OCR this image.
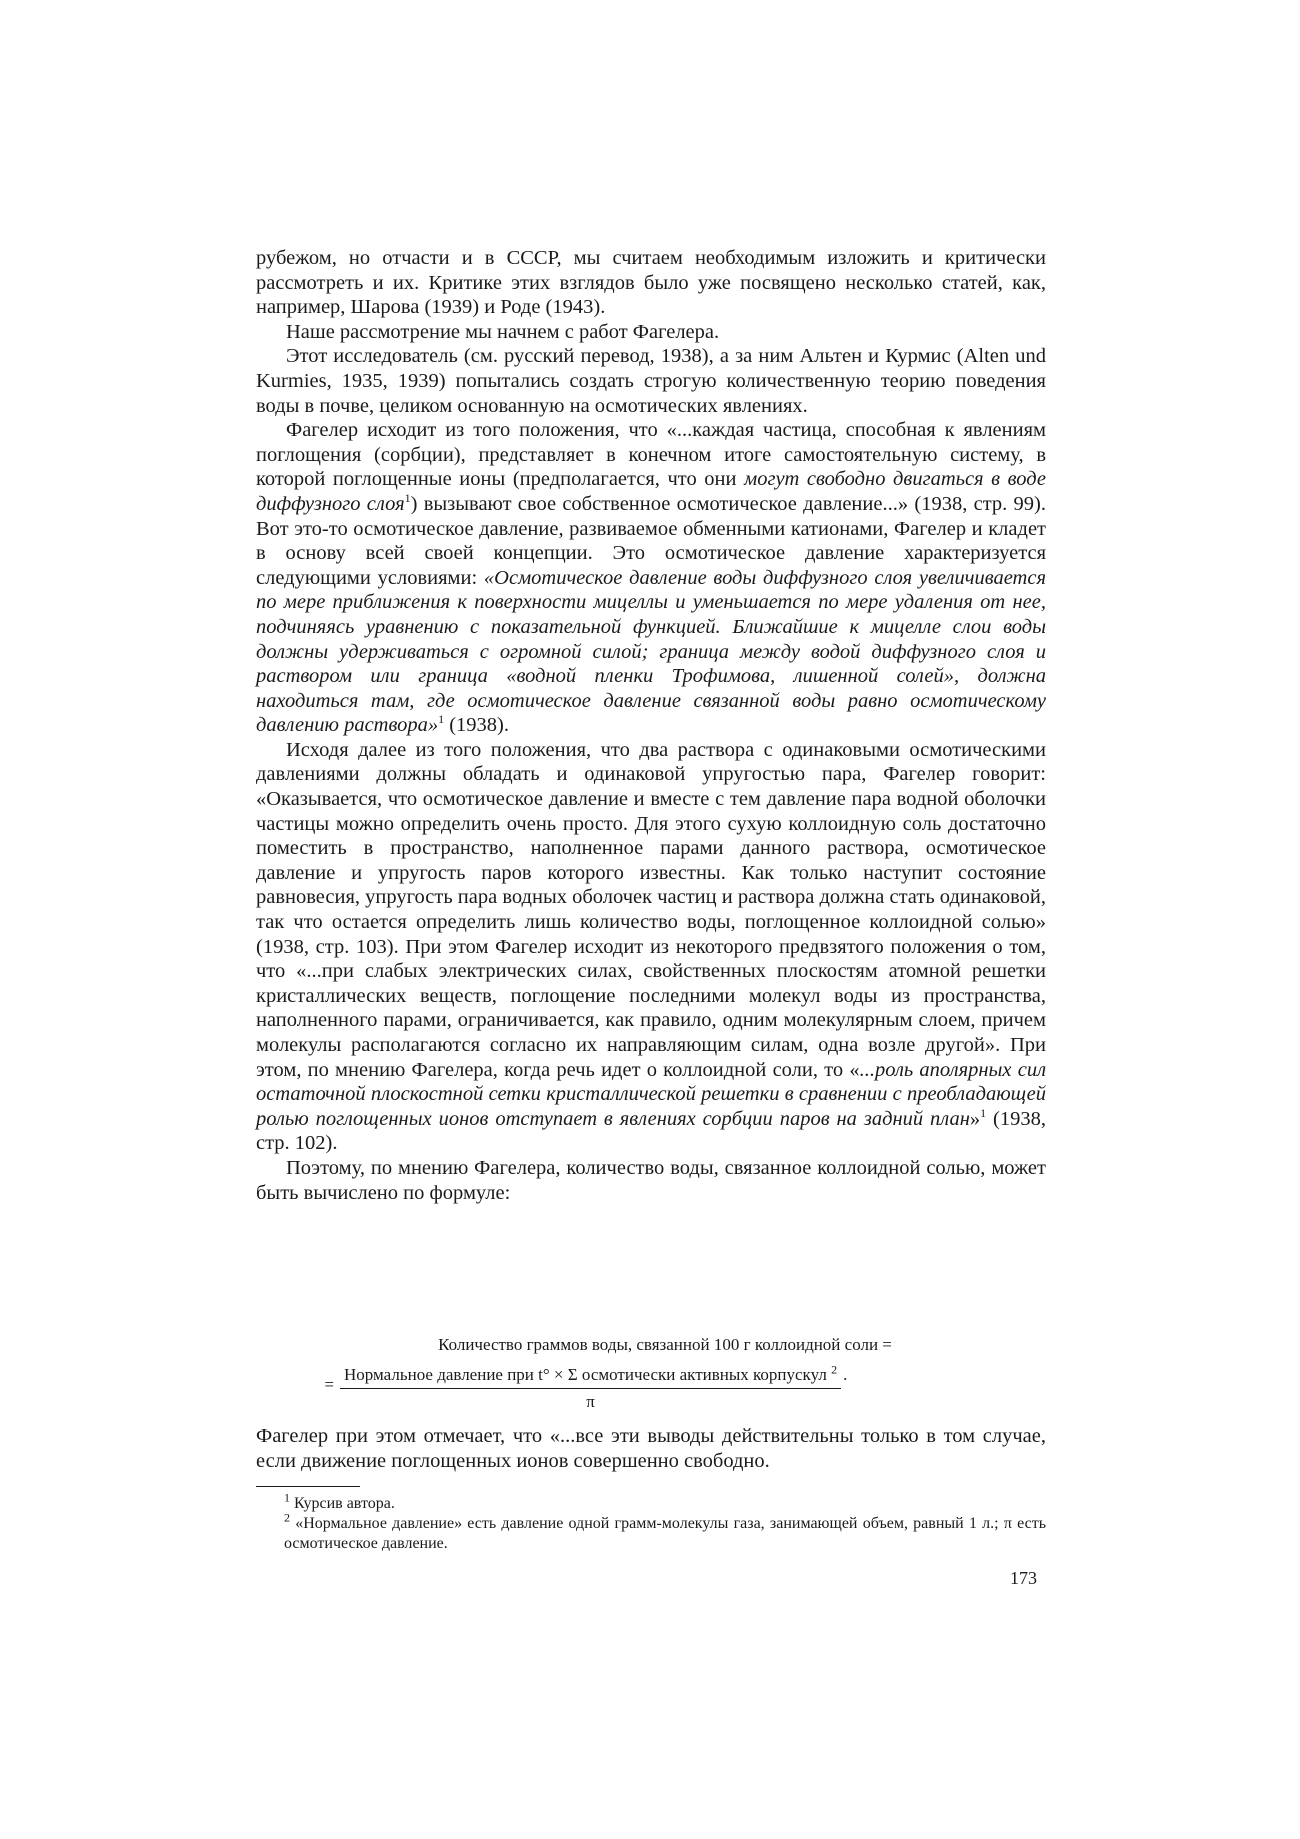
рубежом, но отчасти и в СССР, мы считаем необходимым изложить и критически рассмотреть и их. Критике этих взглядов было уже посвящено несколько статей, как, например, Шарова (1939) и Роде (1943).

Наше рассмотрение мы начнем с работ Фагелера.

Этот исследователь (см. русский перевод, 1938), а за ним Альтен и Курмис (Alten und Kurmies, 1935, 1939) попытались создать строгую количественную теорию поведения воды в почве, целиком основанную на осмотических явлениях.

Фагелер исходит из того положения, что «...каждая частица, способная к явлениям поглощения (сорбции), представляет в конечном итоге самостоятельную систему, в которой поглощенные ионы (предполагается, что они могут свободно двигаться в воде диффузного слоя$^1$) вызывают свое собственное осмотическое давление...» (1938, стр. 99). Вот это-то осмотическое давление, развиваемое обменными катионами, Фагелер и кладет в основу всей своей концепции. Это осмотическое давление характеризуется следующими условиями: «Осмотическое давление воды диффузного слоя увеличивается по мере приближения к поверхности мицеллы и уменьшается по мере удаления от нее, подчиняясь уравнению с показательной функцией. Ближайшие к мицелле слои воды должны удерживаться с огромной силой; граница между водой диффузного слоя и раствором или граница «водной пленки Трофимова, лишенной солей», должна находиться там, где осмотическое давление связанной воды равно осмотическому давлению раствора»$^1$ (1938).

Исходя далее из того положения, что два раствора с одинаковыми осмотическими давлениями должны обладать и одинаковой упругостью пара, Фагелер говорит: «Оказывается, что осмотическое давление и вместе с тем давление пара водной оболочки частицы можно определить очень просто. Для этого сухую коллоидную соль достаточно поместить в пространство, наполненное парами данного раствора, осмотическое давление и упругость паров которого известны. Как только наступит состояние равновесия, упругость пара водных оболочек частиц и раствора должна стать одинаковой, так что остается определить лишь количество воды, поглощенное коллоидной солью» (1938, стр. 103). При этом Фагелер исходит из некоторого предвзятого положения о том, что «...при слабых электрических силах, свойственных плоскостям атомной решетки кристаллических веществ, поглощение последними молекул воды из пространства, наполненного парами, ограничивается, как правило, одним молекулярным слоем, причем молекулы располагаются согласно их направляющим силам, одна возле другой». При этом, по мнению Фагелера, когда речь идет о коллоидной соли, то «...роль аполярных сил остаточной плоскостной сетки кристаллической решетки в сравнении с преобладающей ролью поглощенных ионов отступает в явлениях сорбции паров на задний план»$^1$ (1938, стр. 102).

Поэтому, по мнению Фагелера, количество воды, связанное коллоидной солью, может быть вычислено по формуле:

Количество граммов воды, связанной 100 г коллоидной соли =
=
Нормальное давление при t° × Σ осмотически активных корпускул $^2$
π
.

Фагелер при этом отмечает, что «...все эти выводы действительны только в том случае, если движение поглощенных ионов совершенно свободно.

$^1$ Курсив автора.

$^2$ «Нормальное давление» есть давление одной грамм-молекулы газа, занимающей объем, равный 1 л.; π есть осмотическое давление.

173
